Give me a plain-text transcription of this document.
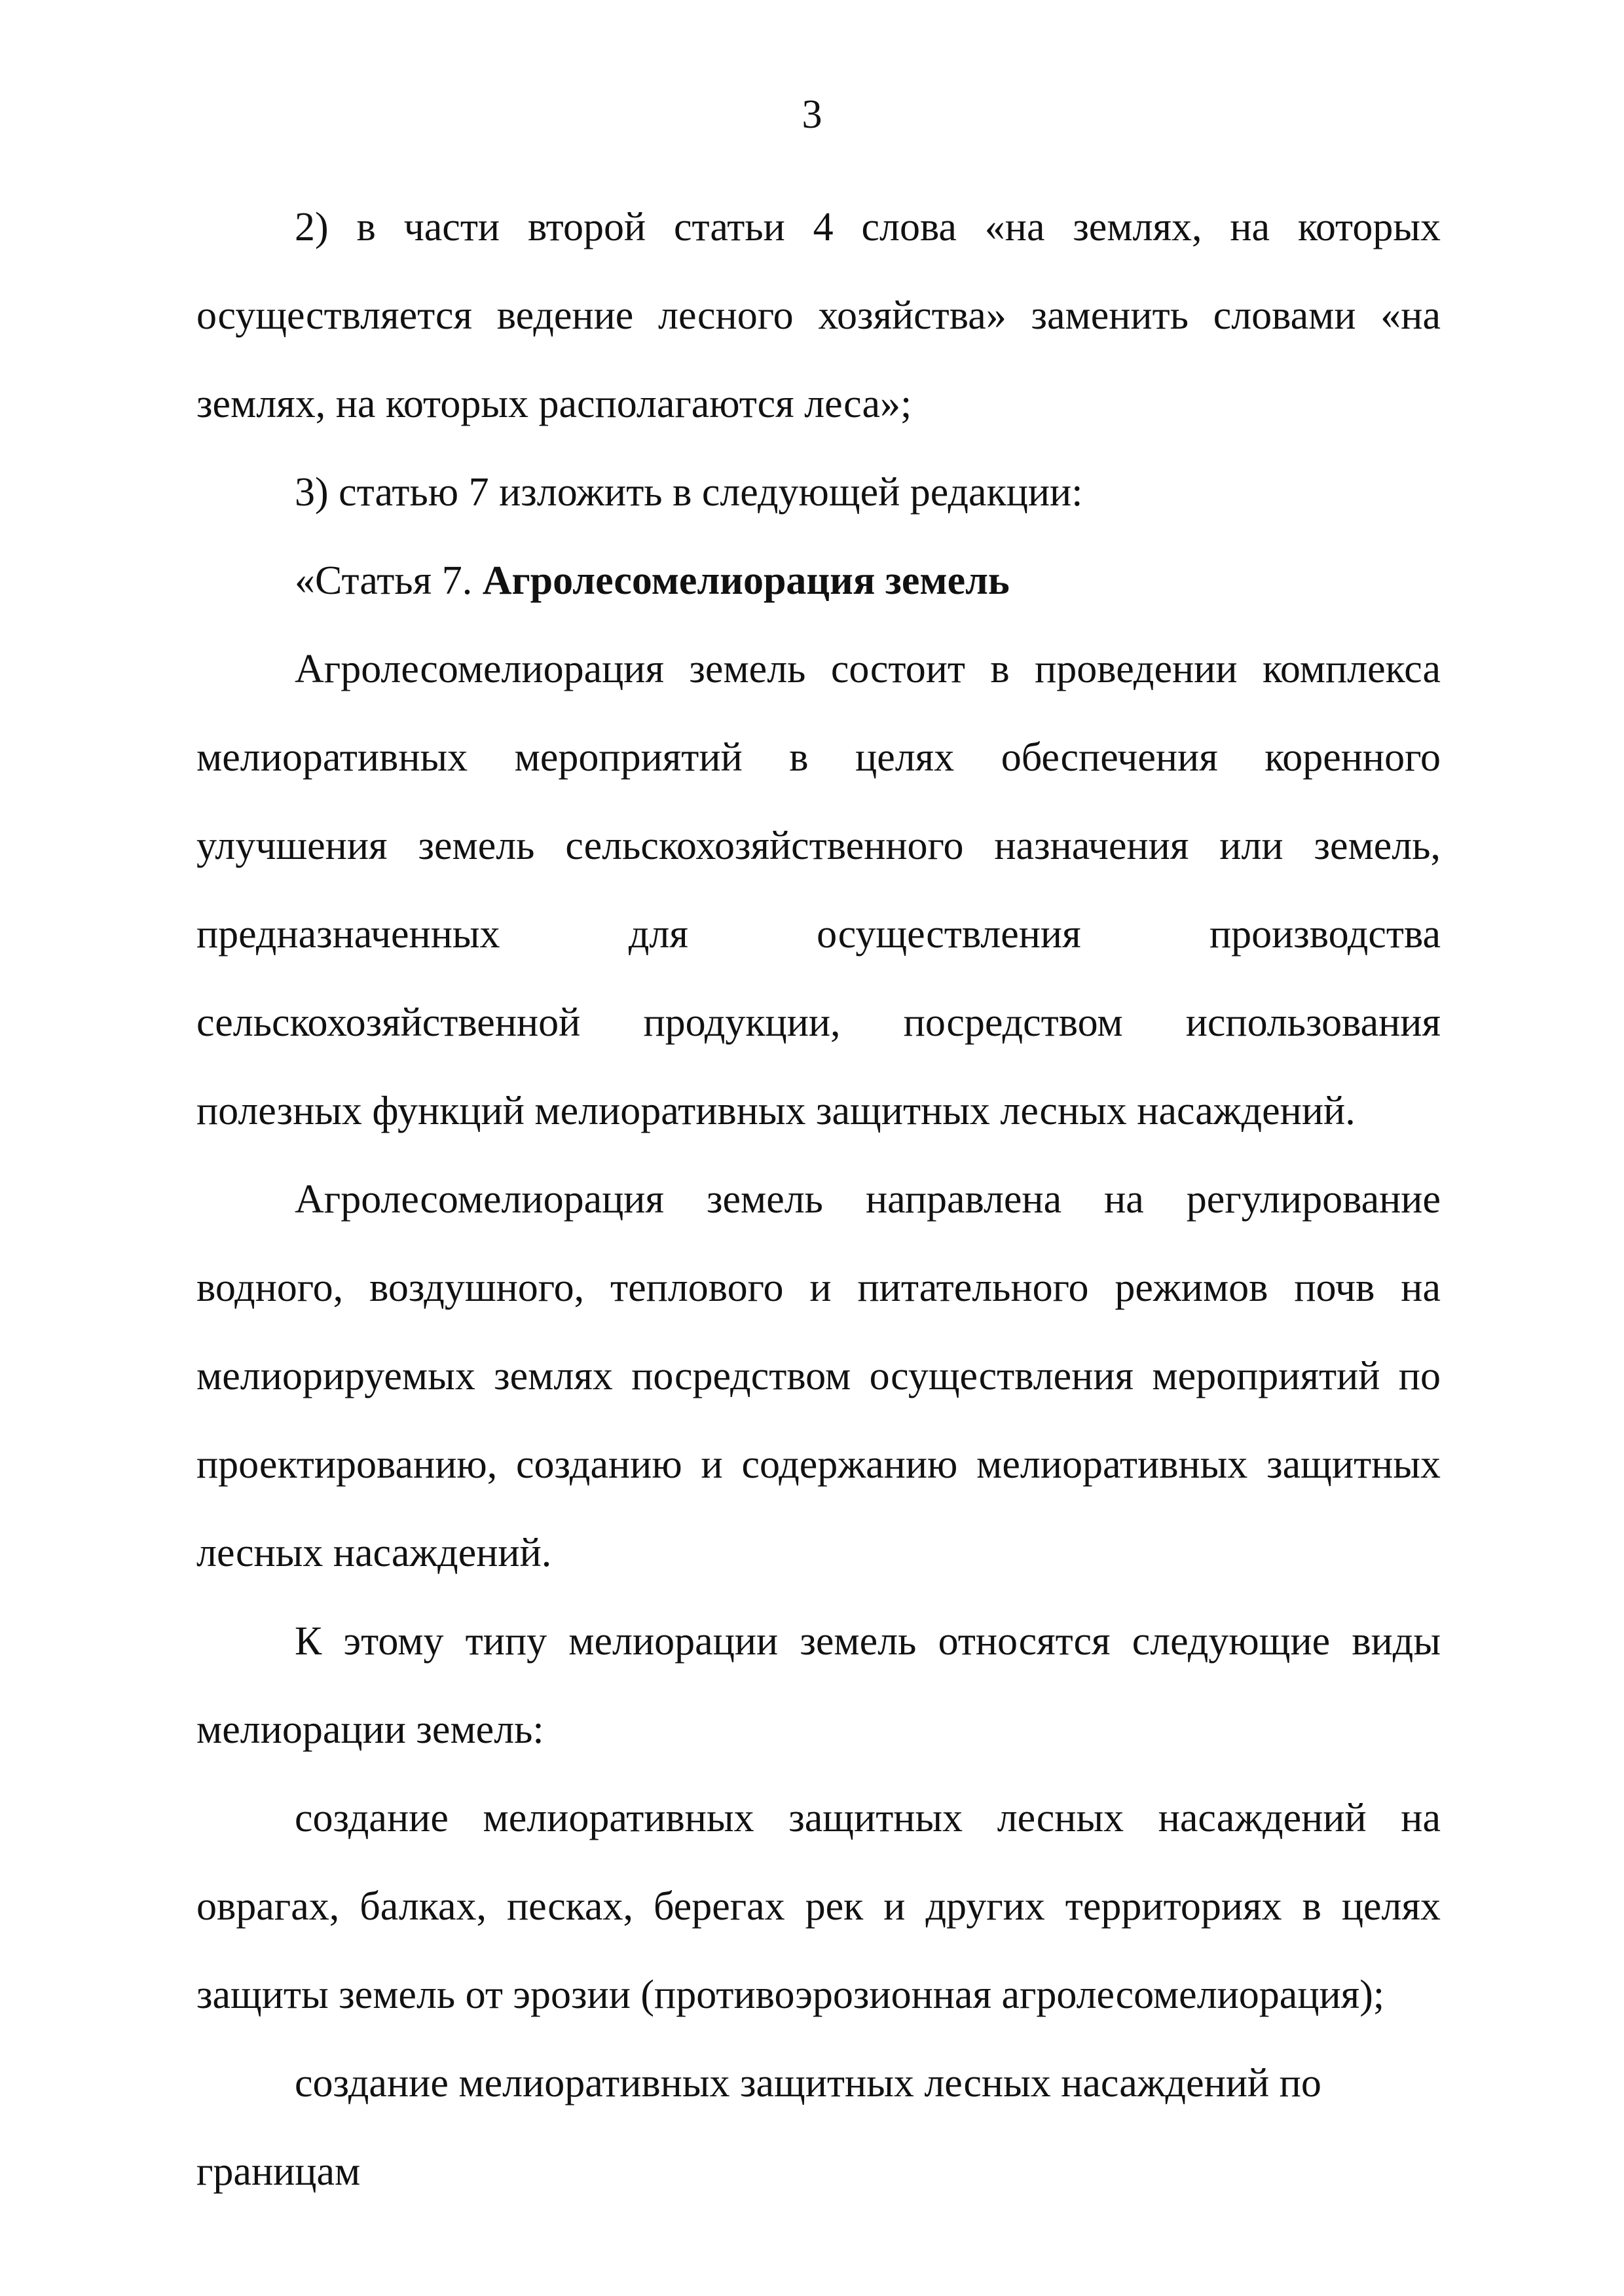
3

2) в части второй статьи 4 слова «на землях, на которых осуществляется ведение лесного хозяйства» заменить словами «на землях, на которых располагаются леса»;

3) статью 7 изложить в следующей редакции:

«Статья 7. Агролесомелиорация земель

Агролесомелиорация земель состоит в проведении комплекса мелиоративных мероприятий в целях обеспечения коренного улучшения земель сельскохозяйственного назначения или земель, предназначенных для осуществления производства сельскохозяйственной продукции, посредством использования полезных функций мелиоративных защитных лесных насаждений.

Агролесомелиорация земель направлена на регулирование водного, воздушного, теплового и питательного режимов почв на мелиорируемых землях посредством осуществления мероприятий по проектированию, созданию и содержанию мелиоративных защитных лесных насаждений.

К этому типу мелиорации земель относятся следующие виды мелиорации земель:

создание мелиоративных защитных лесных насаждений на оврагах, балках, песках, берегах рек и других территориях в целях защиты земель от эрозии (противоэрозионная агролесомелиорация);

создание мелиоративных защитных лесных насаждений по границам
